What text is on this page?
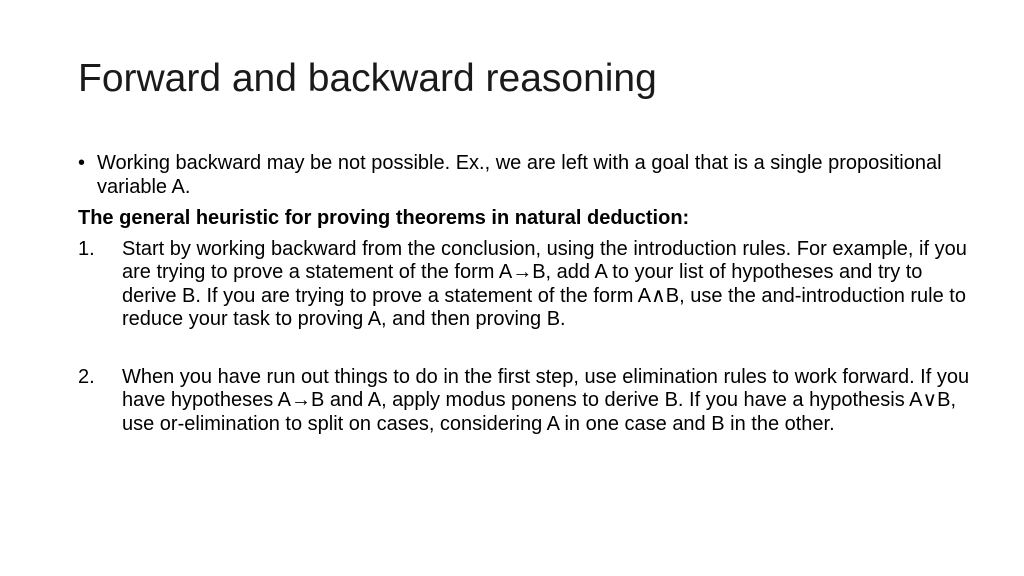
Forward and backward reasoning
• Working backward may be not possible. Ex., we are left with a goal that is a single propositional variable A.
The general heuristic for proving theorems in natural deduction:
1. Start by working backward from the conclusion, using the introduction rules. For example, if you are trying to prove a statement of the form A→B, add A to your list of hypotheses and try to derive B. If you are trying to prove a statement of the form A∧B, use the and-introduction rule to reduce your task to proving A, and then proving B.
2. When you have run out things to do in the first step, use elimination rules to work forward. If you have hypotheses A→B and A, apply modus ponens to derive B. If you have a hypothesis A∨B, use or-elimination to split on cases, considering A in one case and B in the other.
